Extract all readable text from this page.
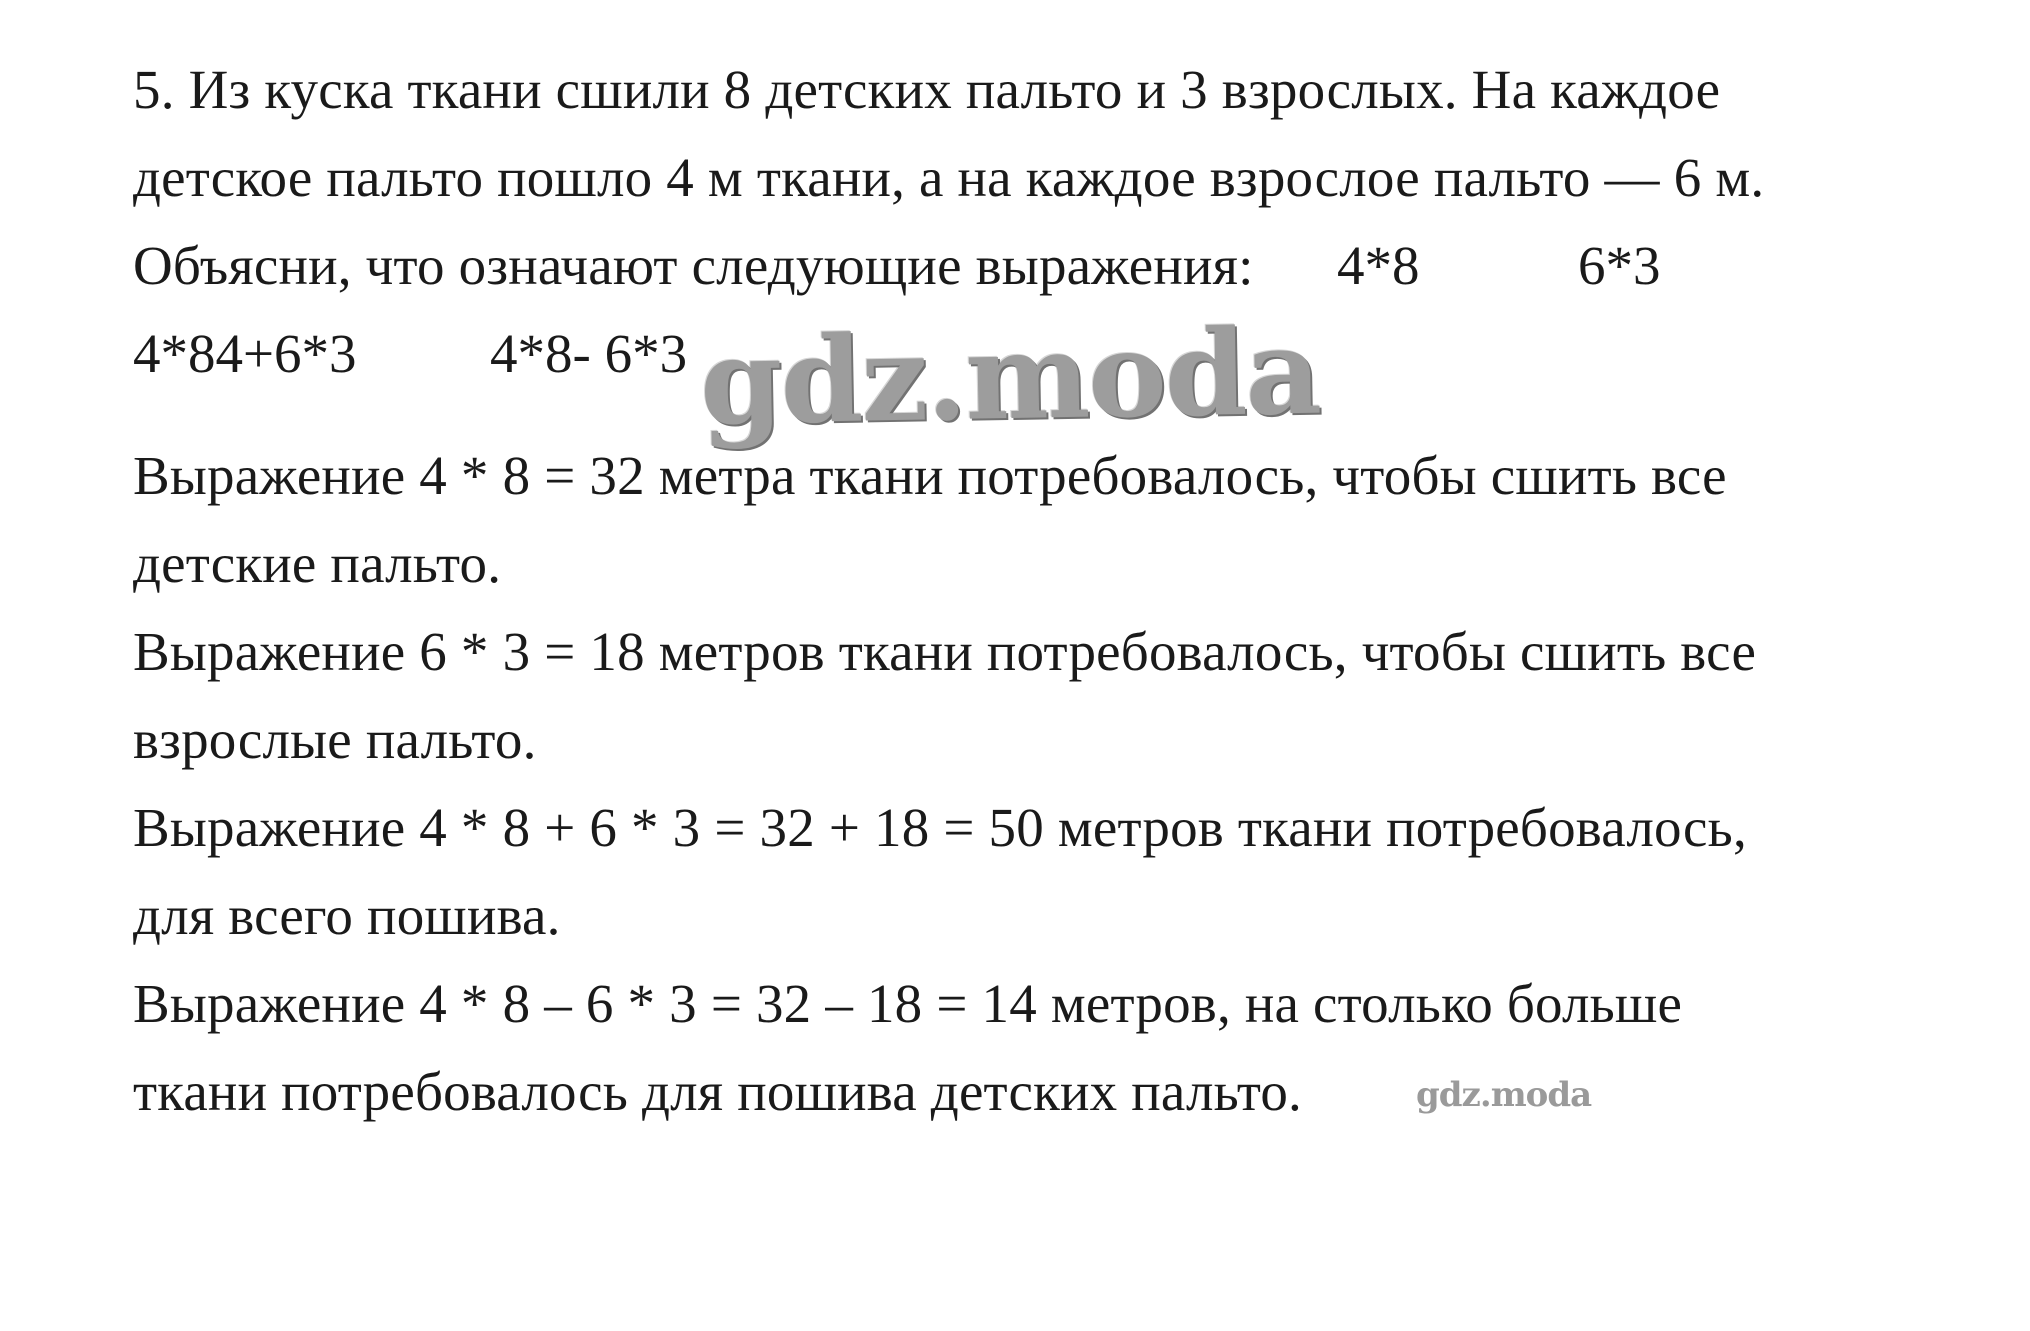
5. Из куска ткани сшили 8 детских пальто и 3 взрослых. На каждое
детское пальто пошло 4 м ткани, а на каждое взрослое пальто — 6 м.
Объясни, что означают следующие выражения: 4*8	6*3
4*84+6*3 4*8- 6*3 gdz.moda
Выражение 4 * 8 = 32 метра ткани потребовалось, чтобы сшить все
детские пальто.
Выражение 6 * 3 = 18 метров ткани потребовалось, чтобы сшить все
взрослые пальто.
Выражение 4 * 8 + 6 * 3 = 32 + 18 = 50 метров ткани потребовалось,
для всего пошива.
Выражение 4 * 8 – 6 * 3 = 32 – 18 = 14 метров, на столько больше
ткани потребовалось для пошива детских пальто.	gdz.moda
